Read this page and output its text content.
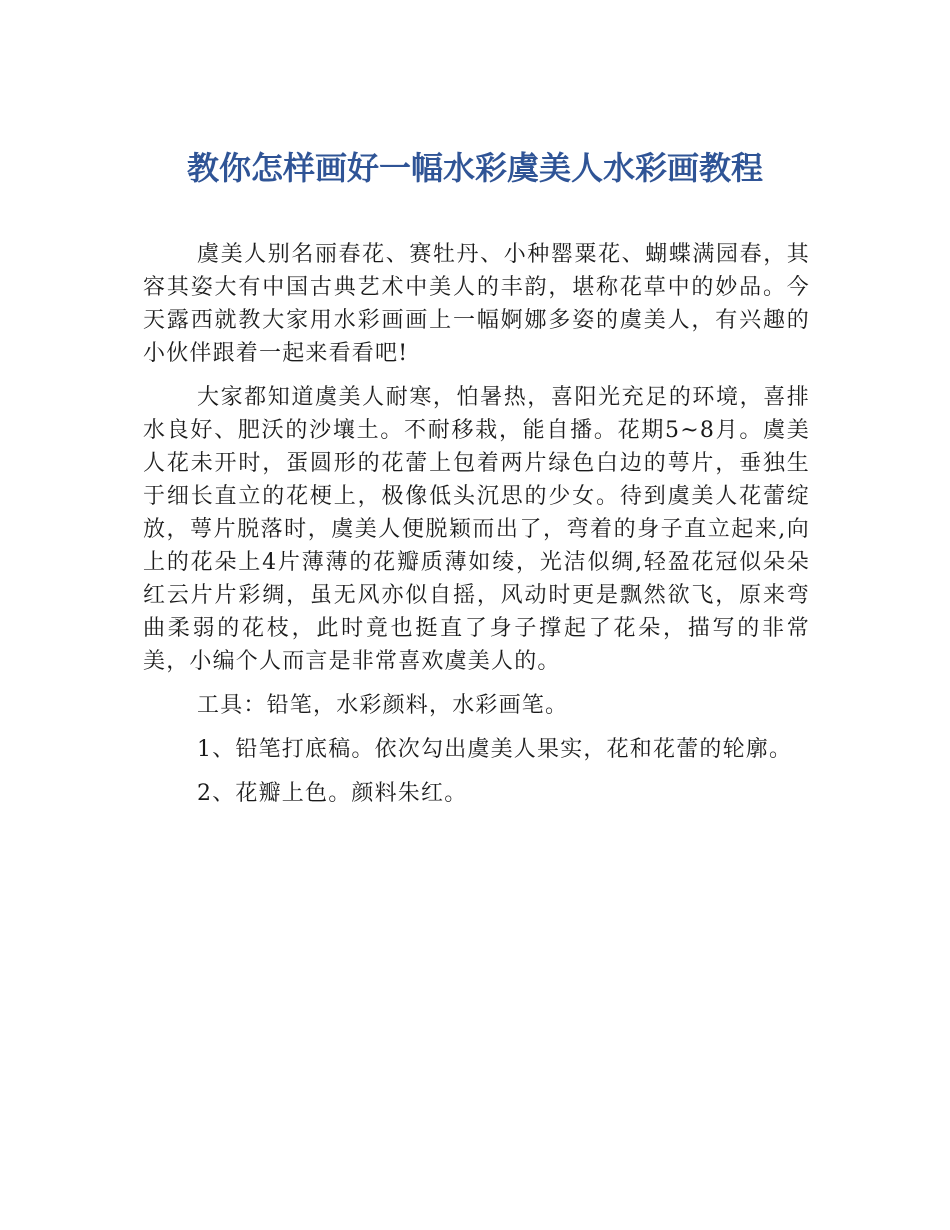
教你怎样画好一幅水彩虞美人水彩画教程

虞美人别名丽春花、赛牡丹、小种罂粟花、蝴蝶满园春，其容其姿大有中国古典艺术中美人的丰韵，堪称花草中的妙品。今天露西就教大家用水彩画画上一幅婀娜多姿的虞美人，有兴趣的小伙伴跟着一起来看看吧!

大家都知道虞美人耐寒，怕暑热，喜阳光充足的环境，喜排水良好、肥沃的沙壤土。不耐移栽，能自播。花期5~8月。虞美人花未开时，蛋圆形的花蕾上包着两片绿色白边的萼片，垂独生于细长直立的花梗上，极像低头沉思的少女。待到虞美人花蕾绽放，萼片脱落时，虞美人便脱颖而出了，弯着的身子直立起来,向上的花朵上4片薄薄的花瓣质薄如绫，光洁似绸,轻盈花冠似朵朵红云片片彩绸，虽无风亦似自摇，风动时更是飘然欲飞，原来弯曲柔弱的花枝，此时竟也挺直了身子撑起了花朵，描写的非常美，小编个人而言是非常喜欢虞美人的。

工具：铅笔，水彩颜料，水彩画笔。

1、铅笔打底稿。依次勾出虞美人果实，花和花蕾的轮廓。

2、花瓣上色。颜料朱红。
